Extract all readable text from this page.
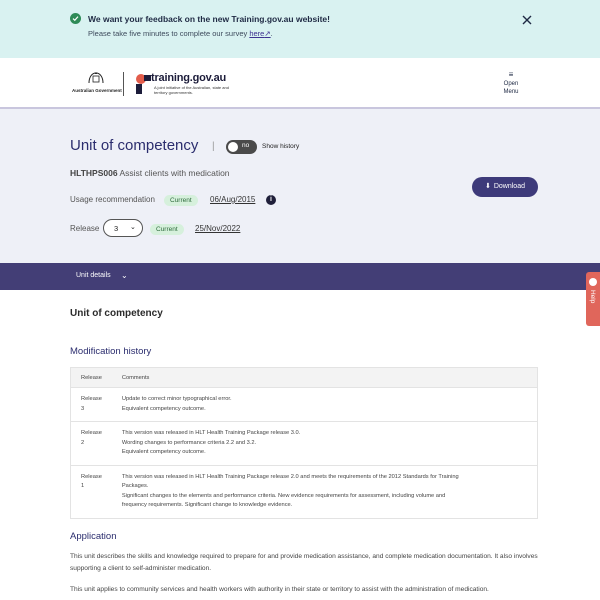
We want your feedback on the new Training.gov.au website!
Please take five minutes to complete our survey here↗.
Australian Government
training.gov.au
A joint initiative of the Australian, state and territory governments.
≡
Open
Menu
Unit of competency |	no Show history
HLTHPS006 Assist clients with medication
Usage recommendation	Current	06/Aug/2015	i
⬇ Download
Release 3 ⌄	Current	25/Nov/2022
Unit details ⌄
Help
Unit of competency
Modification history
Release	Comments

Release
3	Update to correct minor typographical error.
Equivalent competency outcome.

Release
2	This version was released in HLT Health Training Package release 3.0.
Wording changes to performance criteria 2.2 and 3.2.
Equivalent competency outcome.

Release
1	This version was released in HLT Health Training Package release 2.0 and meets the requirements of the 2012 Standards for Training
Packages.
Significant changes to the elements and performance criteria. New evidence requirements for assessment, including volume and
frequency requirements. Significant change to knowledge evidence.
Application
This unit describes the skills and knowledge required to prepare for and provide medication assistance, and complete medication documentation. It also involves supporting a client to self-administer medication.
This unit applies to community services and health workers with authority in their state or territory to assist with the administration of medication.
